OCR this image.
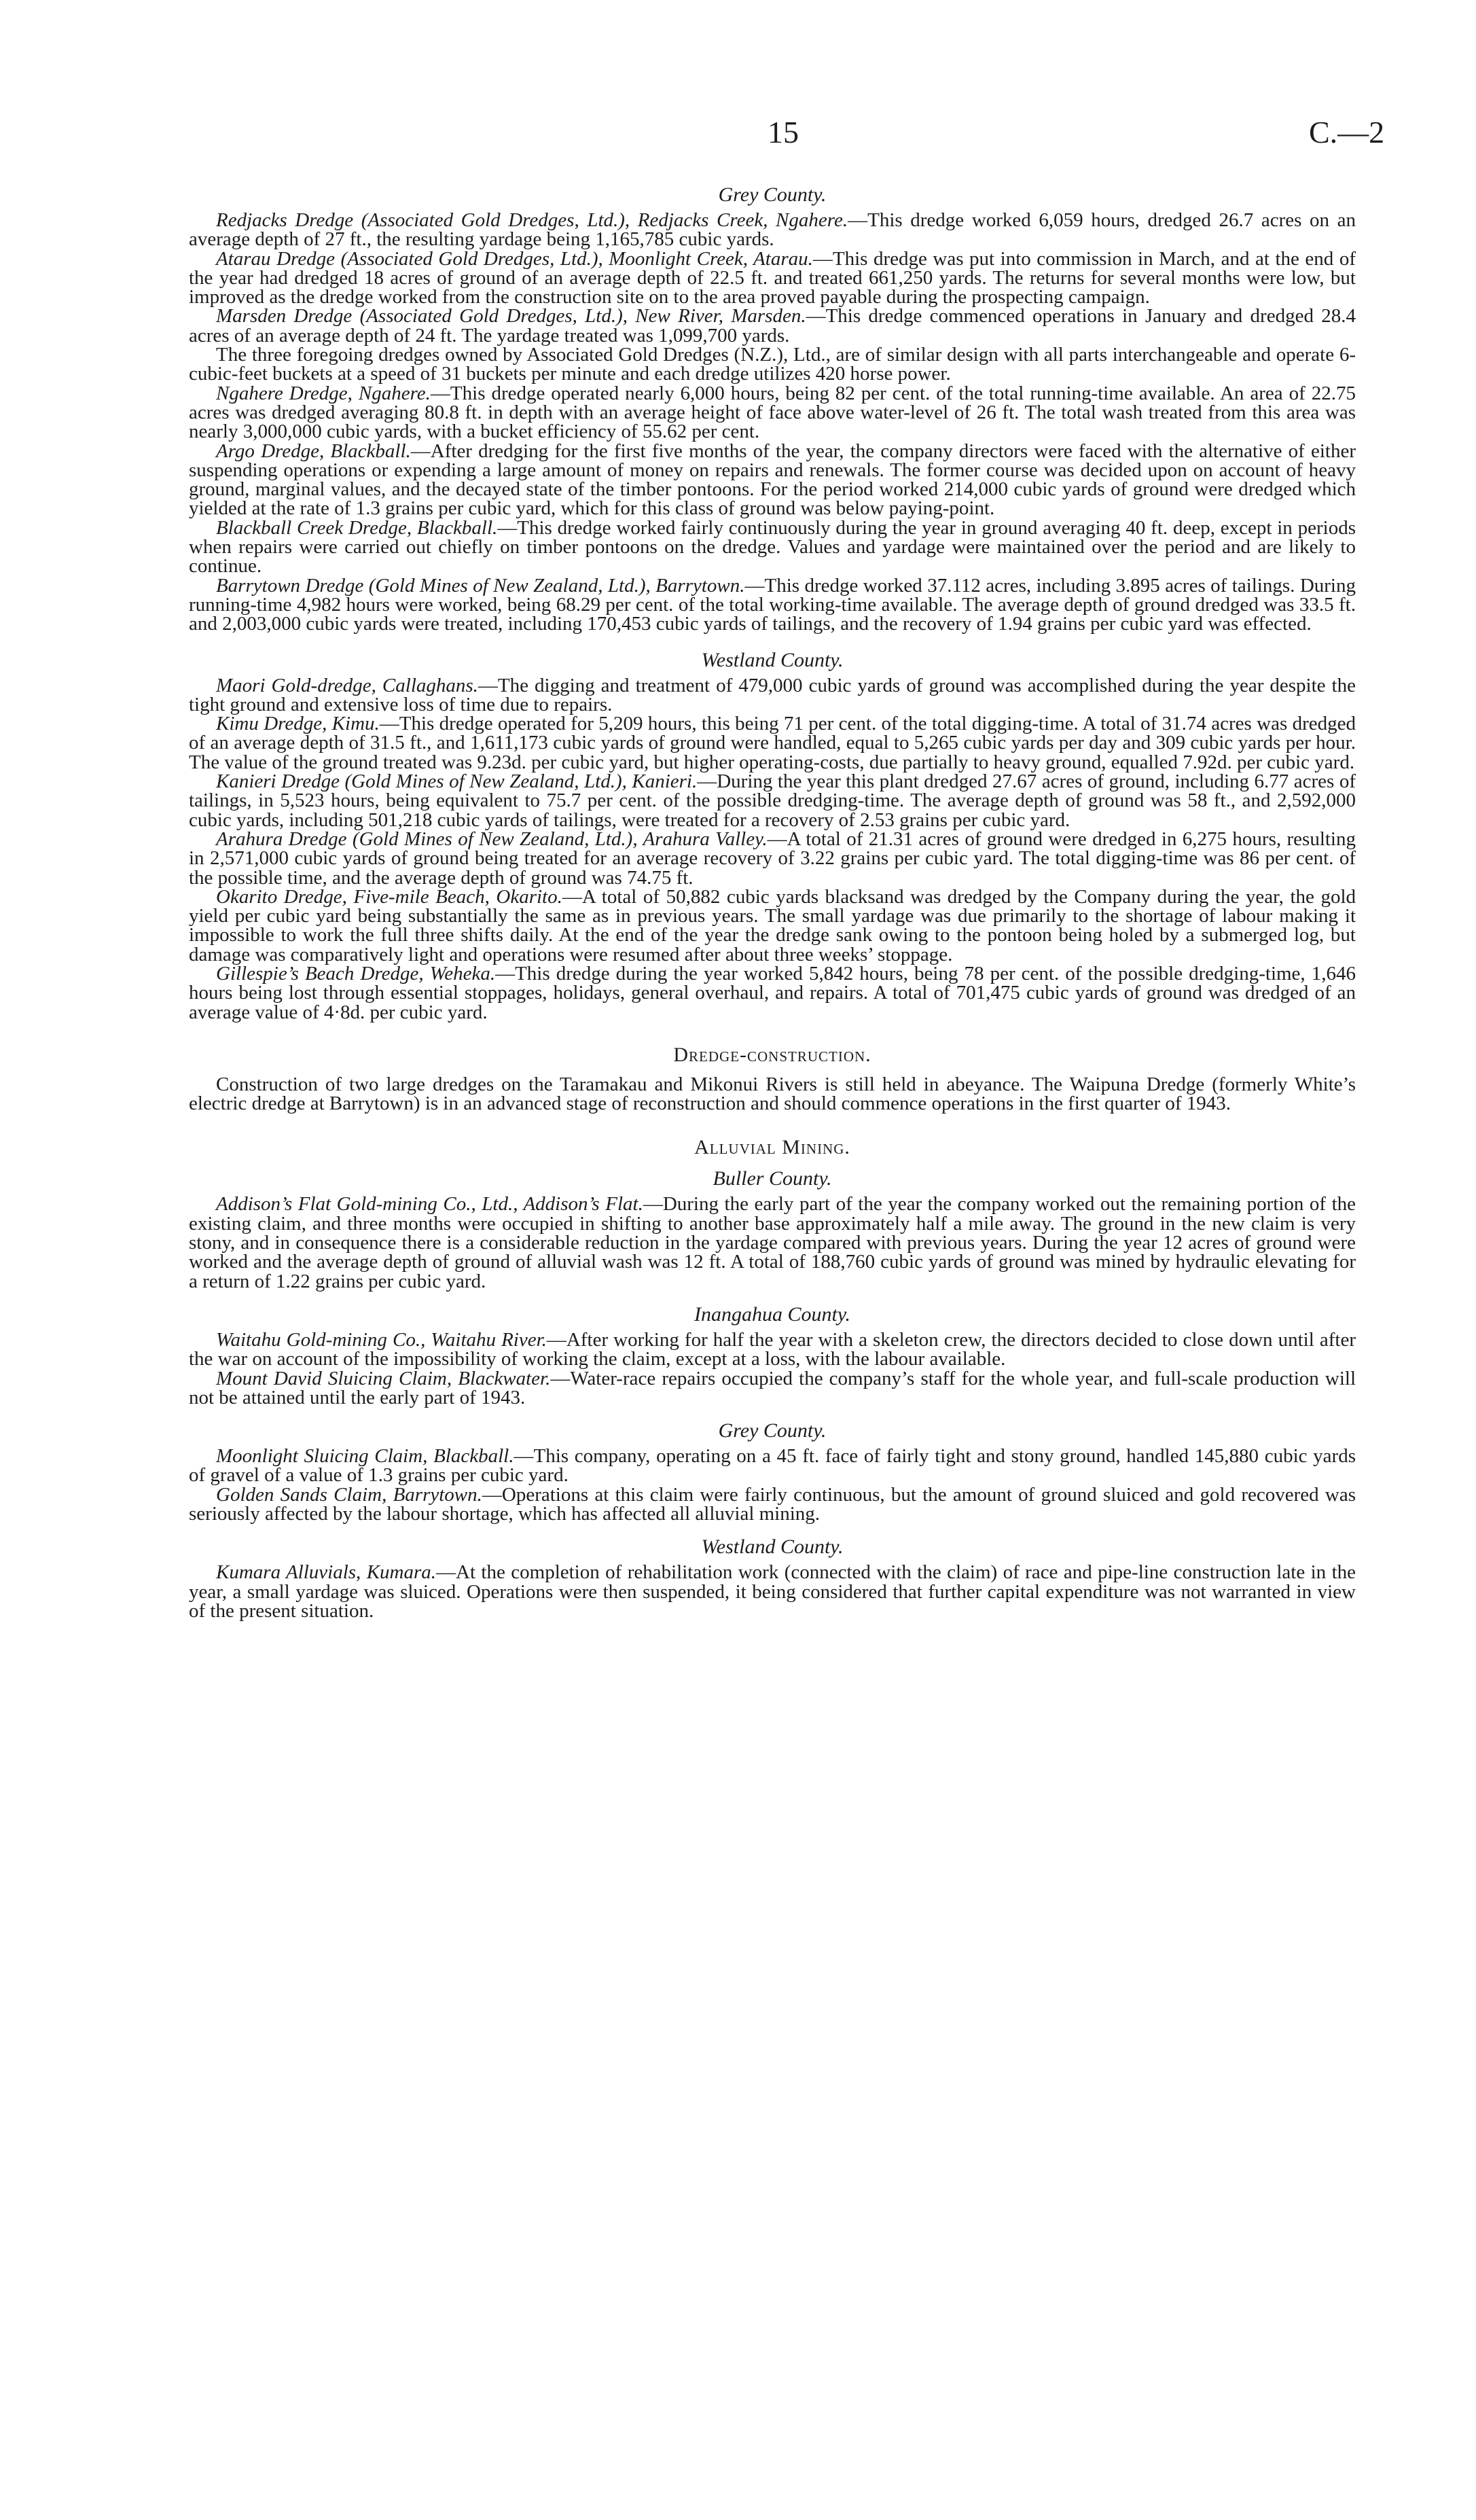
15	C.—2
Grey County.

Redjacks Dredge (Associated Gold Dredges, Ltd.), Redjacks Creek, Ngahere.—This dredge worked 6,059 hours, dredged 26.7 acres on an average depth of 27 ft., the resulting yardage being 1,165,785 cubic yards.

Atarau Dredge (Associated Gold Dredges, Ltd.), Moonlight Creek, Atarau.—This dredge was put into commission in March, and at the end of the year had dredged 18 acres of ground of an average depth of 22.5 ft. and treated 661,250 yards. The returns for several months were low, but improved as the dredge worked from the construction site on to the area proved payable during the prospecting campaign.

Marsden Dredge (Associated Gold Dredges, Ltd.), New River, Marsden.—This dredge commenced operations in January and dredged 28.4 acres of an average depth of 24 ft. The yardage treated was 1,099,700 yards.

The three foregoing dredges owned by Associated Gold Dredges (N.Z.), Ltd., are of similar design with all parts interchangeable and operate 6-cubic-feet buckets at a speed of 31 buckets per minute and each dredge utilizes 420 horse power.

Ngahere Dredge, Ngahere.—This dredge operated nearly 6,000 hours, being 82 per cent. of the total running-time available. An area of 22.75 acres was dredged averaging 80.8 ft. in depth with an average height of face above water-level of 26 ft. The total wash treated from this area was nearly 3,000,000 cubic yards, with a bucket efficiency of 55.62 per cent.

Argo Dredge, Blackball.—After dredging for the first five months of the year, the company directors were faced with the alternative of either suspending operations or expending a large amount of money on repairs and renewals. The former course was decided upon on account of heavy ground, marginal values, and the decayed state of the timber pontoons. For the period worked 214,000 cubic yards of ground were dredged which yielded at the rate of 1.3 grains per cubic yard, which for this class of ground was below paying-point.

Blackball Creek Dredge, Blackball.—This dredge worked fairly continuously during the year in ground averaging 40 ft. deep, except in periods when repairs were carried out chiefly on timber pontoons on the dredge. Values and yardage were maintained over the period and are likely to continue.

Barrytown Dredge (Gold Mines of New Zealand, Ltd.), Barrytown.—This dredge worked 37.112 acres, including 3.895 acres of tailings. During running-time 4,982 hours were worked, being 68.29 per cent. of the total working-time available. The average depth of ground dredged was 33.5 ft. and 2,003,000 cubic yards were treated, including 170,453 cubic yards of tailings, and the recovery of 1.94 grains per cubic yard was effected.

Westland County.

Maori Gold-dredge, Callaghans.—The digging and treatment of 479,000 cubic yards of ground was accomplished during the year despite the tight ground and extensive loss of time due to repairs.

Kimu Dredge, Kimu.—This dredge operated for 5,209 hours, this being 71 per cent. of the total digging-time. A total of 31.74 acres was dredged of an average depth of 31.5 ft., and 1,611,173 cubic yards of ground were handled, equal to 5,265 cubic yards per day and 309 cubic yards per hour. The value of the ground treated was 9.23d. per cubic yard, but higher operating-costs, due partially to heavy ground, equalled 7.92d. per cubic yard.

Kanieri Dredge (Gold Mines of New Zealand, Ltd.), Kanieri.—During the year this plant dredged 27.67 acres of ground, including 6.77 acres of tailings, in 5,523 hours, being equivalent to 75.7 per cent. of the possible dredging-time. The average depth of ground was 58 ft., and 2,592,000 cubic yards, including 501,218 cubic yards of tailings, were treated for a recovery of 2.53 grains per cubic yard.

Arahura Dredge (Gold Mines of New Zealand, Ltd.), Arahura Valley.—A total of 21.31 acres of ground were dredged in 6,275 hours, resulting in 2,571,000 cubic yards of ground being treated for an average recovery of 3.22 grains per cubic yard. The total digging-time was 86 per cent. of the possible time, and the average depth of ground was 74.75 ft.

Okarito Dredge, Five-mile Beach, Okarito.—A total of 50,882 cubic yards blacksand was dredged by the Company during the year, the gold yield per cubic yard being substantially the same as in previous years. The small yardage was due primarily to the shortage of labour making it impossible to work the full three shifts daily. At the end of the year the dredge sank owing to the pontoon being holed by a submerged log, but damage was comparatively light and operations were resumed after about three weeks’ stoppage.

Gillespie’s Beach Dredge, Weheka.—This dredge during the year worked 5,842 hours, being 78 per cent. of the possible dredging-time, 1,646 hours being lost through essential stoppages, holidays, general overhaul, and repairs. A total of 701,475 cubic yards of ground was dredged of an average value of 4·8d. per cubic yard.

Dredge-construction.

Construction of two large dredges on the Taramakau and Mikonui Rivers is still held in abeyance. The Waipuna Dredge (formerly White’s electric dredge at Barrytown) is in an advanced stage of reconstruction and should commence operations in the first quarter of 1943.

Alluvial Mining.
Buller County.

Addison’s Flat Gold-mining Co., Ltd., Addison’s Flat.—During the early part of the year the company worked out the remaining portion of the existing claim, and three months were occupied in shifting to another base approximately half a mile away. The ground in the new claim is very stony, and in consequence there is a considerable reduction in the yardage compared with previous years. During the year 12 acres of ground were worked and the average depth of ground of alluvial wash was 12 ft. A total of 188,760 cubic yards of ground was mined by hydraulic elevating for a return of 1.22 grains per cubic yard.

Inangahua County.

Waitahu Gold-mining Co., Waitahu River.—After working for half the year with a skeleton crew, the directors decided to close down until after the war on account of the impossibility of working the claim, except at a loss, with the labour available.

Mount David Sluicing Claim, Blackwater.—Water-race repairs occupied the company’s staff for the whole year, and full-scale production will not be attained until the early part of 1943.

Grey County.

Moonlight Sluicing Claim, Blackball.—This company, operating on a 45 ft. face of fairly tight and stony ground, handled 145,880 cubic yards of gravel of a value of 1.3 grains per cubic yard.

Golden Sands Claim, Barrytown.—Operations at this claim were fairly continuous, but the amount of ground sluiced and gold recovered was seriously affected by the labour shortage, which has affected all alluvial mining.

Westland County.

Kumara Alluvials, Kumara.—At the completion of rehabilitation work (connected with the claim) of race and pipe-line construction late in the year, a small yardage was sluiced. Operations were then suspended, it being considered that further capital expenditure was not warranted in view of the present situation.
